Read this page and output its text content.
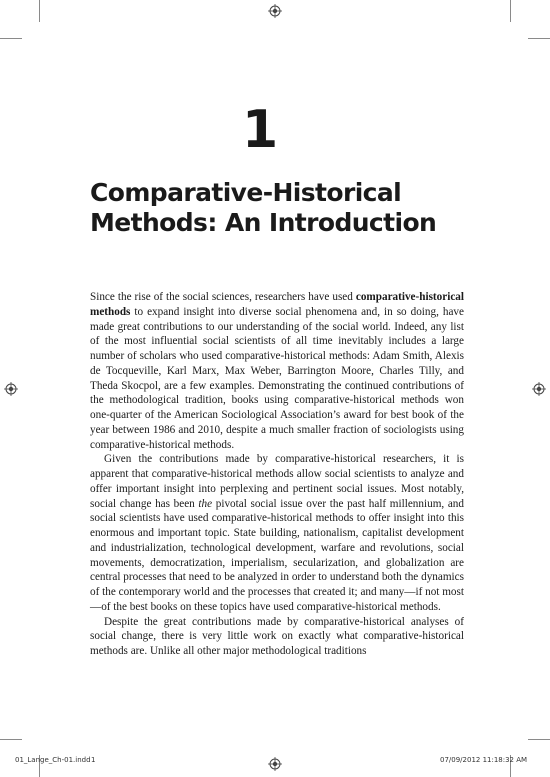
1
Comparative-Historical
Methods: An Introduction

Since the rise of the social sciences, researchers have used comparative-historical methods to expand insight into diverse social phenomena and, in so doing, have made great contributions to our understanding of the social world. Indeed, any list of the most influential social scientists of all time inevitably includes a large number of scholars who used comparative-historical methods: Adam Smith, Alexis de Tocqueville, Karl Marx, Max Weber, Barrington Moore, Charles Tilly, and Theda Skocpol, are a few examples. Demonstrating the continued contributions of the methodological tradition, books using comparative-historical methods won one-quarter of the American Sociological Association’s award for best book of the year between 1986 and 2010, despite a much smaller fraction of sociologists using comparative-historical methods.

Given the contributions made by comparative-historical researchers, it is apparent that comparative-historical methods allow social scientists to analyze and offer important insight into perplexing and pertinent social issues. Most notably, social change has been the pivotal social issue over the past half millennium, and social scientists have used comparative-historical methods to offer insight into this enormous and important topic. State building, nationalism, capitalist development and industrialization, technological development, warfare and revolutions, social movements, democratization, imperialism, secularization, and globalization are central processes that need to be analyzed in order to understand both the dynamics of the contemporary world and the processes that created it; and many—if not most—of the best books on these topics have used comparative-historical methods.

Despite the great contributions made by comparative-historical analyses of social change, there is very little work on exactly what comparative-historical methods are. Unlike all other major methodological traditions

01_Lange_Ch-01.indd 1	07/09/2012 11:18:32 AM
